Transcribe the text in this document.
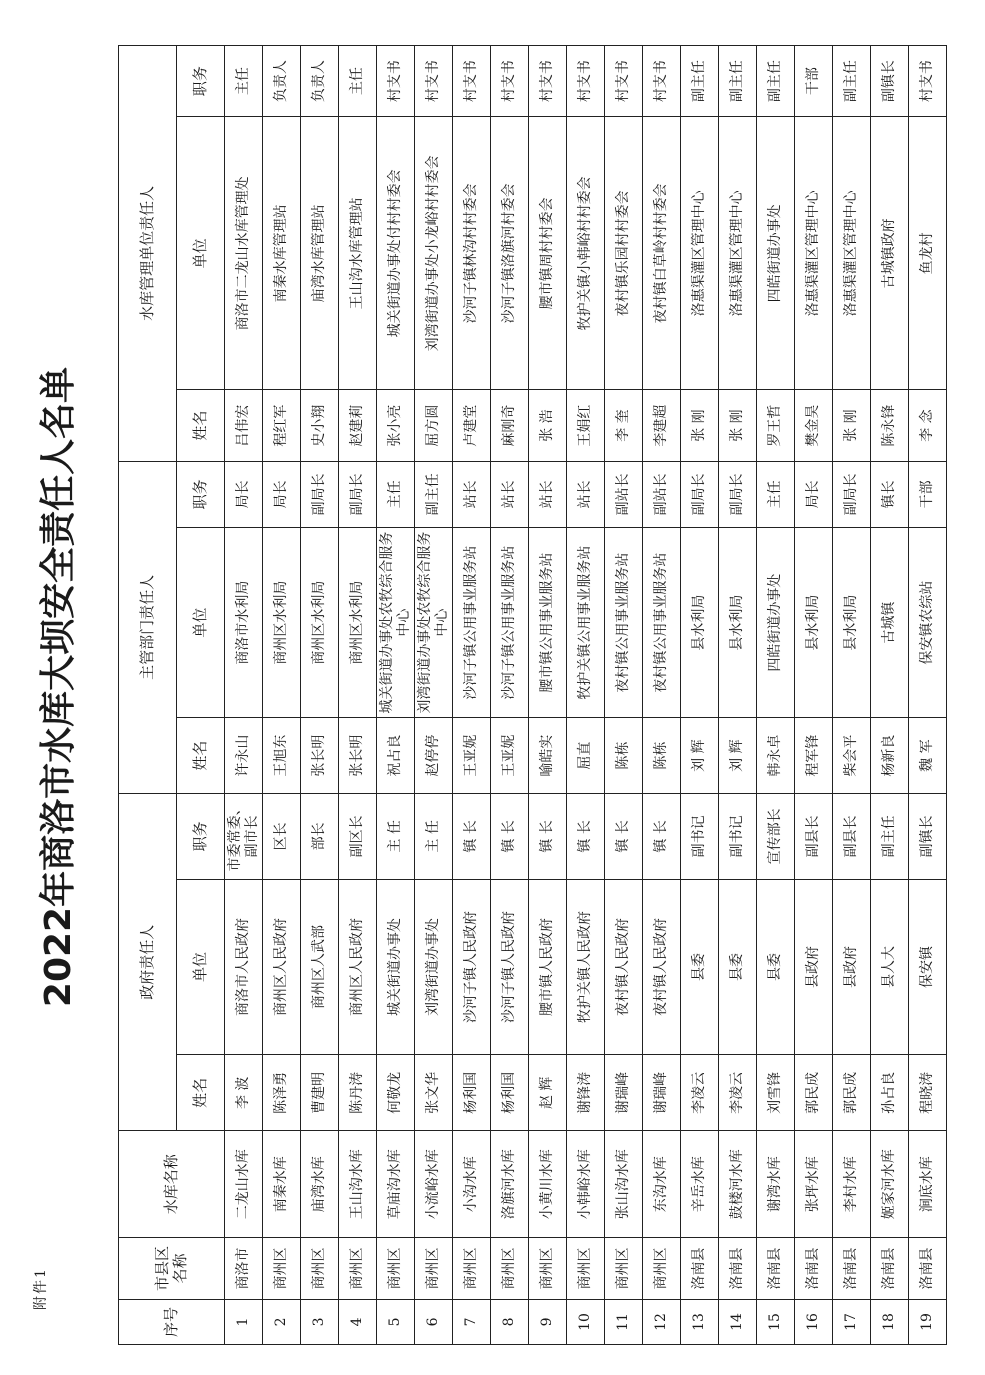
附件1
2022年商洛市水库大坝安全责任人名单
序号	市县区名称	水库名称	政府责任人			主管部门责任人			水库管理单位责任人		
			姓名	单位	职务	姓名	单位	职务	姓名	单位	职务
1	商洛市	二龙山水库	李 波	商洛市人民政府	市委常委、副市长	许永山	商洛市水利局	局长	吕伟宏	商洛市二龙山水库管理处	主任
2	商州区	南秦水库	陈泽勇	商州区人民政府	区长	王旭东	商州区水利局	局长	程红军	南秦水库管理站	负责人
3	商州区	庙湾水库	曹建明	商州区人武部	部长	张长明	商州区水利局	副局长	史小翔	庙湾水库管理站	负责人
4	商州区	王山沟水库	陈丹涛	商州区人民政府	副区长	张长明	商州区水利局	副局长	赵建莉	王山沟水库管理站	主任
5	商州区	草庙沟水库	何敬龙	城关街道办事处	主 任	祝占良	城关街道办事处农牧综合服务中心	主任	张小亮	城关街道办事处付村村委会	村支书
6	商州区	小流峪水库	张文华	刘湾街道办事处	主 任	赵停停	刘湾街道办事处农牧综合服务中心	副主任	屈方圆	刘湾街道办事处小龙峪村村委会	村支书
7	商州区	小沟水库	杨利国	沙河子镇人民政府	镇 长	王亚妮	沙河子镇公用事业服务站	站长	卢建堂	沙河子镇林沟村村委会	村支书
8	商州区	洛旗河水库	杨利国	沙河子镇人民政府	镇 长	王亚妮	沙河子镇公用事业服务站	站长	麻刚奇	沙河子镇洛旗河村委会	村支书
9	商州区	小黄川水库	赵 辉	腰市镇人民政府	镇 长	喻皓实	腰市镇公用事业服务站	站长	张 浩	腰市镇周村村委会	村支书
10	商州区	小韩峪水库	谢锋涛	牧护关镇人民政府	镇 长	屈直	牧护关镇公用事业服务站	站长	王娟红	牧护关镇小韩峪村村委会	村支书
11	商州区	张山沟水库	谢瑞峰	夜村镇人民政府	镇 长	陈栋	夜村镇公用事业服务站	副站长	李 奎	夜村镇乐园村村委会	村支书
12	商州区	东沟水库	谢瑞峰	夜村镇人民政府	镇 长	陈栋	夜村镇公用事业服务站	副站长	李建超	夜村镇白草岭村村委会	村支书
13	洛南县	辛岳水库	李凌云	县委	副书记	刘 辉	县水利局	副局长	张 刚	洛惠渠灌区管理中心	副主任
14	洛南县	鼓楼河水库	李凌云	县委	副书记	刘 辉	县水利局	副局长	张 刚	洛惠渠灌区管理中心	副主任
15	洛南县	谢湾水库	刘雪锋	县委	宣传部长	韩永卓	四皓街道办事处	主任	罗王哲	四皓街道办事处	副主任
16	洛南县	张坪水库	郭民成	县政府	副县长	程军锋	县水利局	局长	樊金昊	洛惠渠灌区管理中心	干部
17	洛南县	李村水库	郭民成	县政府	副县长	柴会平	县水利局	副局长	张 刚	洛惠渠灌区管理中心	副主任
18	洛南县	姬家河水库	孙占良	县人大	副主任	杨新良	古城镇	镇长	陈永锋	古城镇政府	副镇长
19	洛南县	涧底水库	程晓涛	保安镇	副镇长	魏 军	保安镇农综站	干部	李 念	鱼龙村	村支书
